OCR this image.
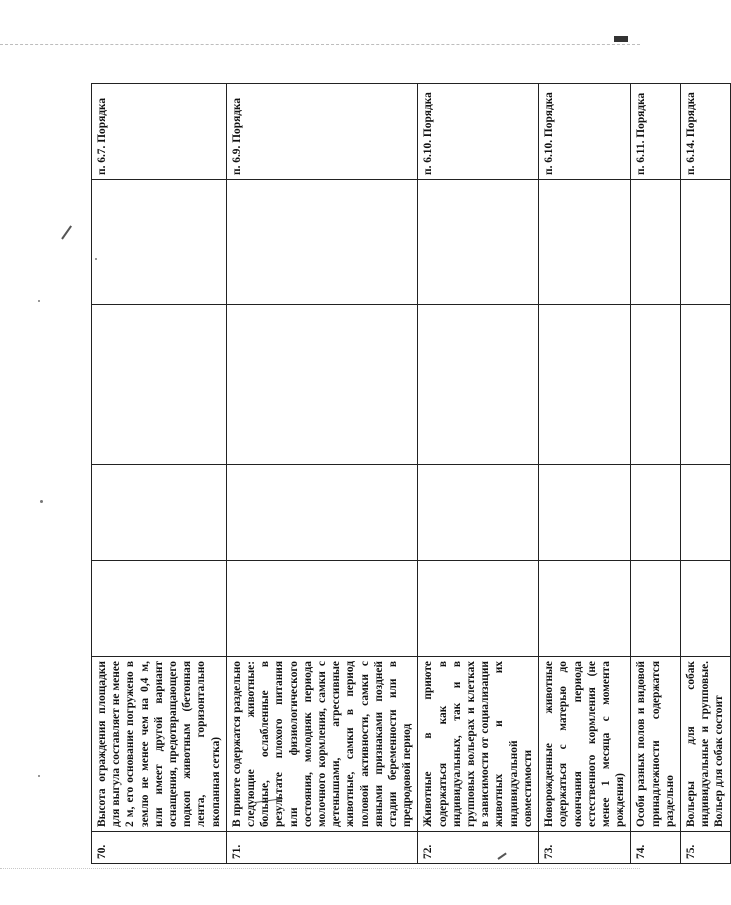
70.	Высота ограждения площадки для выгула составляет не менее 2 м, его основание погружено в землю не менее чем на 0,4 м, или имеет другой вариант оснащения, предотвращающего подкоп животным (бетонная лента, горизонтально вкопанная сетка)					п. 6.7. Порядка
71.	В приюте содержатся раздельно следующие животные: больные, ослабленные в результате плохого питания или физиологического состояния, молодняк периода молочного кормления, самки с детенышами, агрессивные животные, самки в период половой активности, самки с явными признаками поздней стадии беременности или в предродовой период					п. 6.9. Порядка
72.	Животные в приюте содержаться как в индивидуальных, так и в групповых вольерах и клетках в зависимости от социализации животных и их индивидуальной совместимости					п. 6.10. Порядка
73.	Новорожденные животные содержаться с матерью до окончания периода естественного кормления (не менее 1 месяца с момента рождения)					п. 6.10. Порядка
74.	Особи разных полов и видовой принадлежности содержатся раздельно					п. 6.11. Порядка
75.	Вольеры для собак индивидуальные и групповые. Вольер для собак состоит					п. 6.14. Порядка
